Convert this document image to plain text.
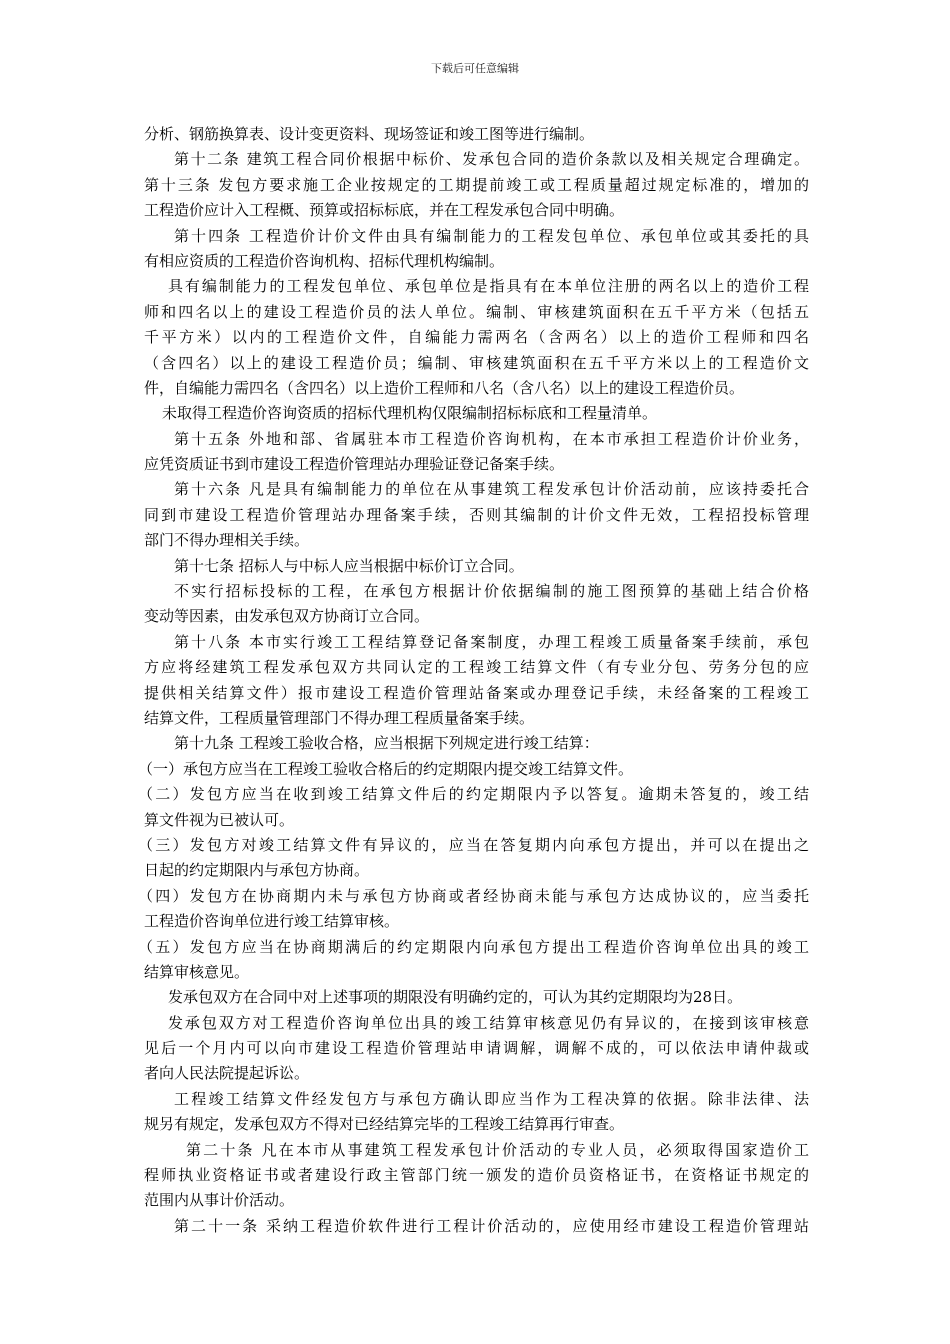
下载后可任意编辑
分析、钢筋换算表、设计变更资料、现场签证和竣工图等进行编制。
第十二条 建筑工程合同价根据中标价、发承包合同的造价条款以及相关规定合理确定。
第十三条 发包方要求施工企业按规定的工期提前竣工或工程质量超过规定标准的，增加的
工程造价应计入工程概、预算或招标标底，并在工程发承包合同中明确。
第十四条 工程造价计价文件由具有编制能力的工程发包单位、承包单位或其委托的具
有相应资质的工程造价咨询机构、招标代理机构编制。
具有编制能力的工程发包单位、承包单位是指具有在本单位注册的两名以上的造价工程
师和四名以上的建设工程造价员的法人单位。编制、审核建筑面积在五千平方米（包括五
千平方米）以内的工程造价文件，自编能力需两名（含两名）以上的造价工程师和四名
（含四名）以上的建设工程造价员；编制、审核建筑面积在五千平方米以上的工程造价文
件，自编能力需四名（含四名）以上造价工程师和八名（含八名）以上的建设工程造价员。
未取得工程造价咨询资质的招标代理机构仅限编制招标标底和工程量清单。
第十五条 外地和部、省属驻本市工程造价咨询机构，在本市承担工程造价计价业务，
应凭资质证书到市建设工程造价管理站办理验证登记备案手续。
第十六条 凡是具有编制能力的单位在从事建筑工程发承包计价活动前，应该持委托合
同到市建设工程造价管理站办理备案手续，否则其编制的计价文件无效，工程招投标管理
部门不得办理相关手续。
第十七条 招标人与中标人应当根据中标价订立合同。
不实行招标投标的工程，在承包方根据计价依据编制的施工图预算的基础上结合价格
变动等因素，由发承包双方协商订立合同。
第十八条 本市实行竣工工程结算登记备案制度，办理工程竣工质量备案手续前，承包
方应将经建筑工程发承包双方共同认定的工程竣工结算文件（有专业分包、劳务分包的应
提供相关结算文件）报市建设工程造价管理站备案或办理登记手续，未经备案的工程竣工
结算文件，工程质量管理部门不得办理工程质量备案手续。
第十九条 工程竣工验收合格，应当根据下列规定进行竣工结算：
（一）承包方应当在工程竣工验收合格后的约定期限内提交竣工结算文件。
（二）发包方应当在收到竣工结算文件后的约定期限内予以答复。逾期未答复的，竣工结
算文件视为已被认可。
（三）发包方对竣工结算文件有异议的，应当在答复期内向承包方提出，并可以在提出之
日起的约定期限内与承包方协商。
（四）发包方在协商期内未与承包方协商或者经协商未能与承包方达成协议的，应当委托
工程造价咨询单位进行竣工结算审核。
（五）发包方应当在协商期满后的约定期限内向承包方提出工程造价咨询单位出具的竣工
结算审核意见。
发承包双方在合同中对上述事项的期限没有明确约定的，可认为其约定期限均为28日。
发承包双方对工程造价咨询单位出具的竣工结算审核意见仍有异议的，在接到该审核意
见后一个月内可以向市建设工程造价管理站申请调解，调解不成的，可以依法申请仲裁或
者向人民法院提起诉讼。
工程竣工结算文件经发包方与承包方确认即应当作为工程决算的依据。除非法律、法
规另有规定，发承包双方不得对已经结算完毕的工程竣工结算再行审查。
第二十条 凡在本市从事建筑工程发承包计价活动的专业人员，必须取得国家造价工
程师执业资格证书或者建设行政主管部门统一颁发的造价员资格证书，在资格证书规定的
范围内从事计价活动。
第二十一条 采纳工程造价软件进行工程计价活动的，应使用经市建设工程造价管理站
